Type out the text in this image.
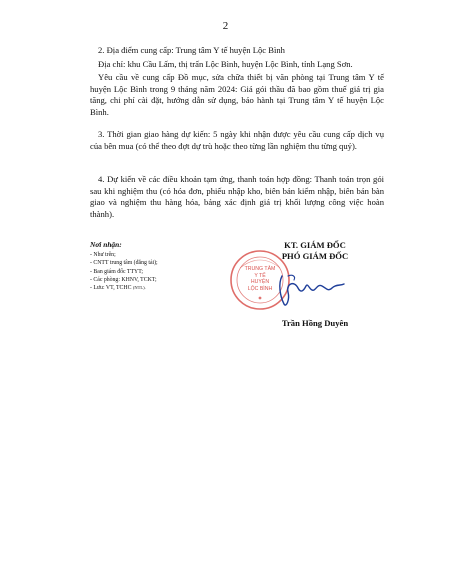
2

2. Địa điểm cung cấp: Trung tâm Y tế huyện Lộc Bình

Địa chỉ: khu Cầu Lấm, thị trấn Lộc Bình, huyện Lộc Bình, tỉnh Lạng Sơn.

Yêu cầu về cung cấp Đồ mục, sửa chữa thiết bị văn phòng tại Trung tâm Y tế huyện Lộc Bình trong 9 tháng năm 2024: Giá gói thầu đã bao gồm thuế giá trị gia tăng, chi phí cài đặt, hướng dẫn sử dụng, bảo hành tại Trung tâm Y tế huyện Lộc Bình.

3. Thời gian giao hàng dự kiến: 5 ngày khi nhận được yêu cầu cung cấp dịch vụ của bên mua (có thể theo đợt dự trù hoặc theo từng lần nghiệm thu từng quý).

4. Dự kiến về các điều khoản tạm ứng, thanh toán hợp đồng: Thanh toán trọn gói sau khi nghiệm thu (có hóa đơn, phiếu nhập kho, biên bản kiểm nhập, biên bản bàn giao và nghiệm thu hàng hóa, bảng xác định giá trị khối lượng công việc hoàn thành).

Nơi nhận:

- Như trên;
- CNTT trung tâm (đăng tải);
- Ban giám đốc TTYT;
- Các phòng: KHNV, TCKT;
- Lưu: VT, TCHC (NTL).

KT. GIÁM ĐỐC

PHÓ GIÁM ĐỐC

TRUNG TÂM
Y TẾ
HUYỆN
LỘC BÌNH
Trần Hồng Duyên
